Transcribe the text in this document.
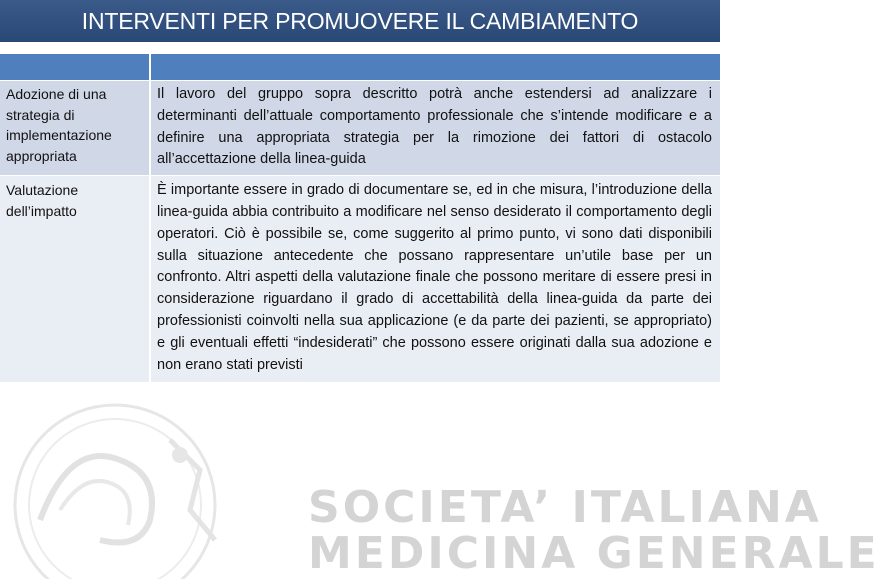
INTERVENTI PER PROMUOVERE IL CAMBIAMENTO
SOCIETA’ ITALIANA
MEDICINA GENERALE

Adozione di una strategia di implementazione appropriata	Il lavoro del gruppo sopra descritto potrà anche estendersi ad analizzare i determinanti dell’attuale comportamento professionale che s’intende modificare e a definire una appropriata strategia per la rimozione dei fattori di ostacolo all’accettazione della linea-guida
Valutazione dell’impatto	È importante essere in grado di documentare se, ed in che misura, l’introduzione della linea-guida abbia contribuito a modificare nel senso desiderato il comportamento degli operatori. Ciò è possibile se, come suggerito al primo punto, vi sono dati disponibili sulla situazione antecedente che possano rappresentare un’utile base per un confronto. Altri aspetti della valutazione finale che possono meritare di essere presi in considerazione riguardano il grado di accettabilità della linea-guida da parte dei professionisti coinvolti nella sua applicazione (e da parte dei pazienti, se appropriato) e gli eventuali effetti “indesiderati” che possono essere originati dalla sua adozione e non erano stati previsti
